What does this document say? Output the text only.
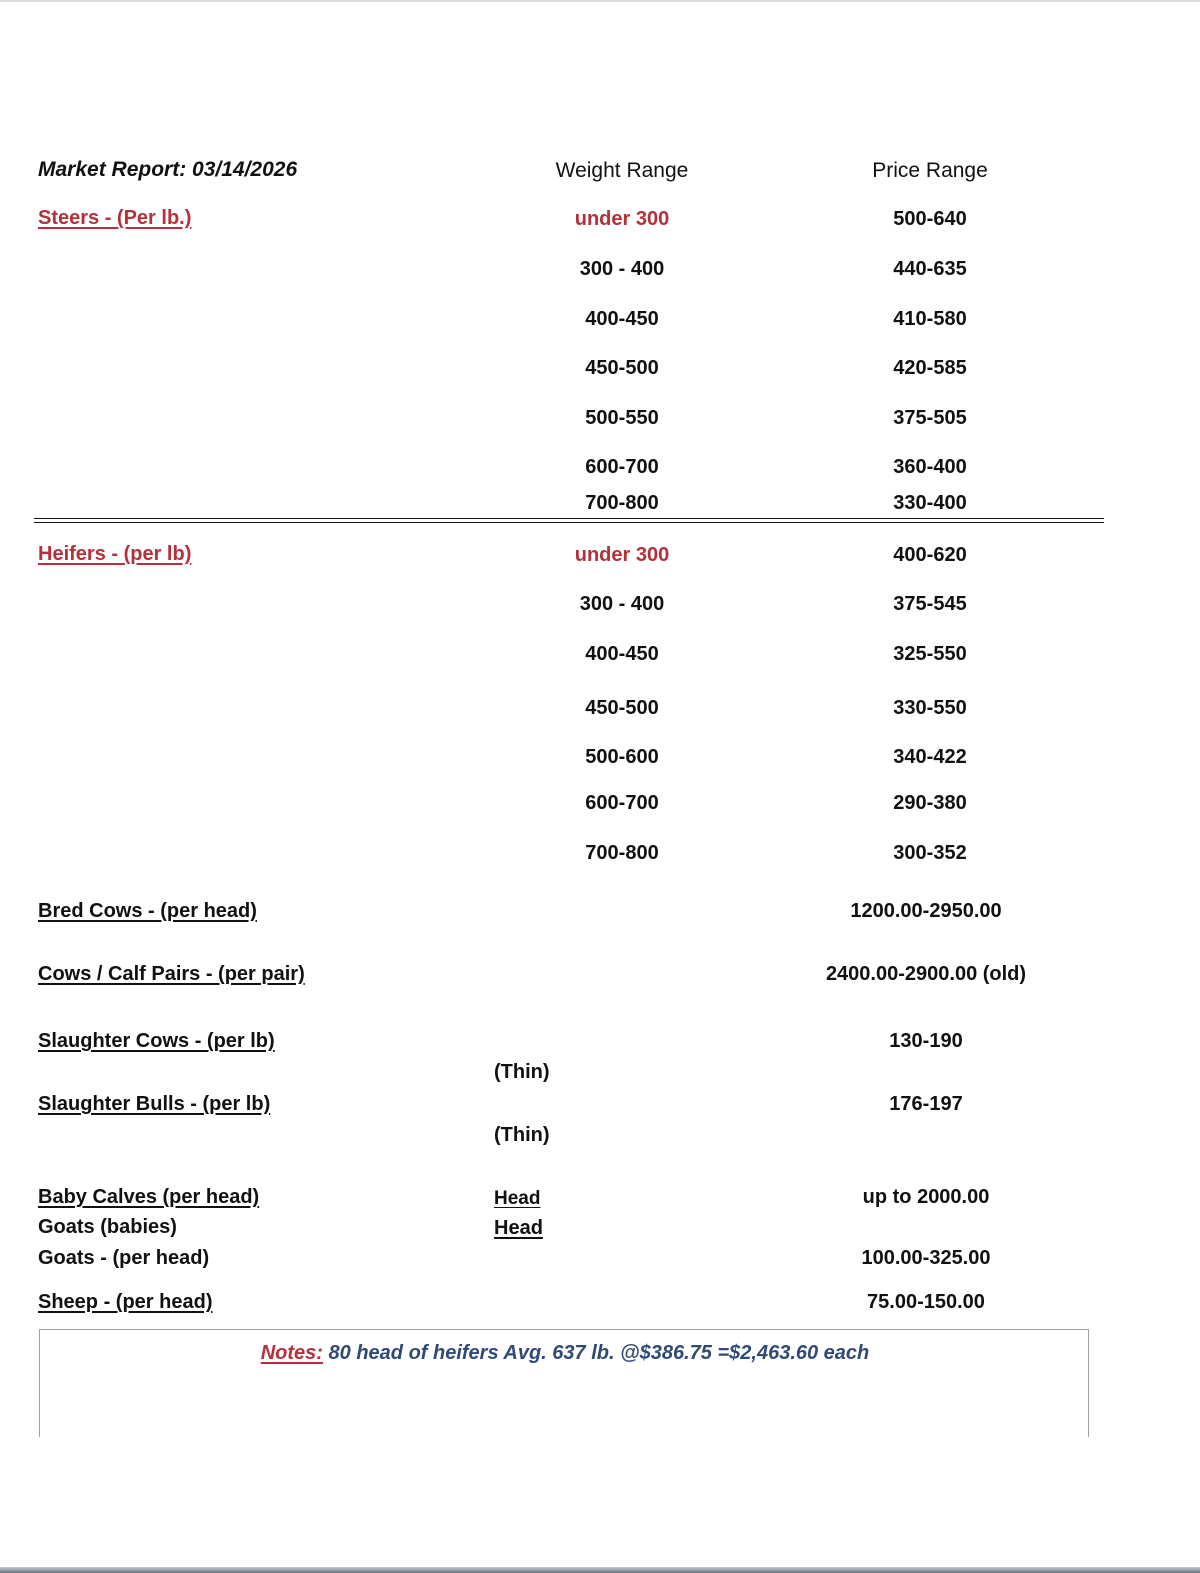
Market Report: 03/14/2026	Weight Range	Price Range
Steers - (Per lb.)	under 300	500-640
300 - 400	440-635
400-450	410-580
450-500	420-585
500-550	375-505
600-700	360-400
700-800	330-400
Heifers - (per lb)	under 300	400-620
300 - 400	375-545
400-450	325-550
450-500	330-550
500-600	340-422
600-700	290-380
700-800	300-352
Bred Cows - (per head)	1200.00-2950.00
Cows / Calf Pairs - (per pair)	2400.00-2900.00 (old)
Slaughter Cows - (per lb)	130-190
(Thin)
Slaughter Bulls - (per lb)	176-197
(Thin)
Baby Calves (per head)	Head	up to 2000.00
Goats (babies)	Head
Goats - (per head)	100.00-325.00
Sheep - (per head)	75.00-150.00
Notes: 80 head of heifers Avg. 637 lb. @$386.75 =$2,463.60 each
